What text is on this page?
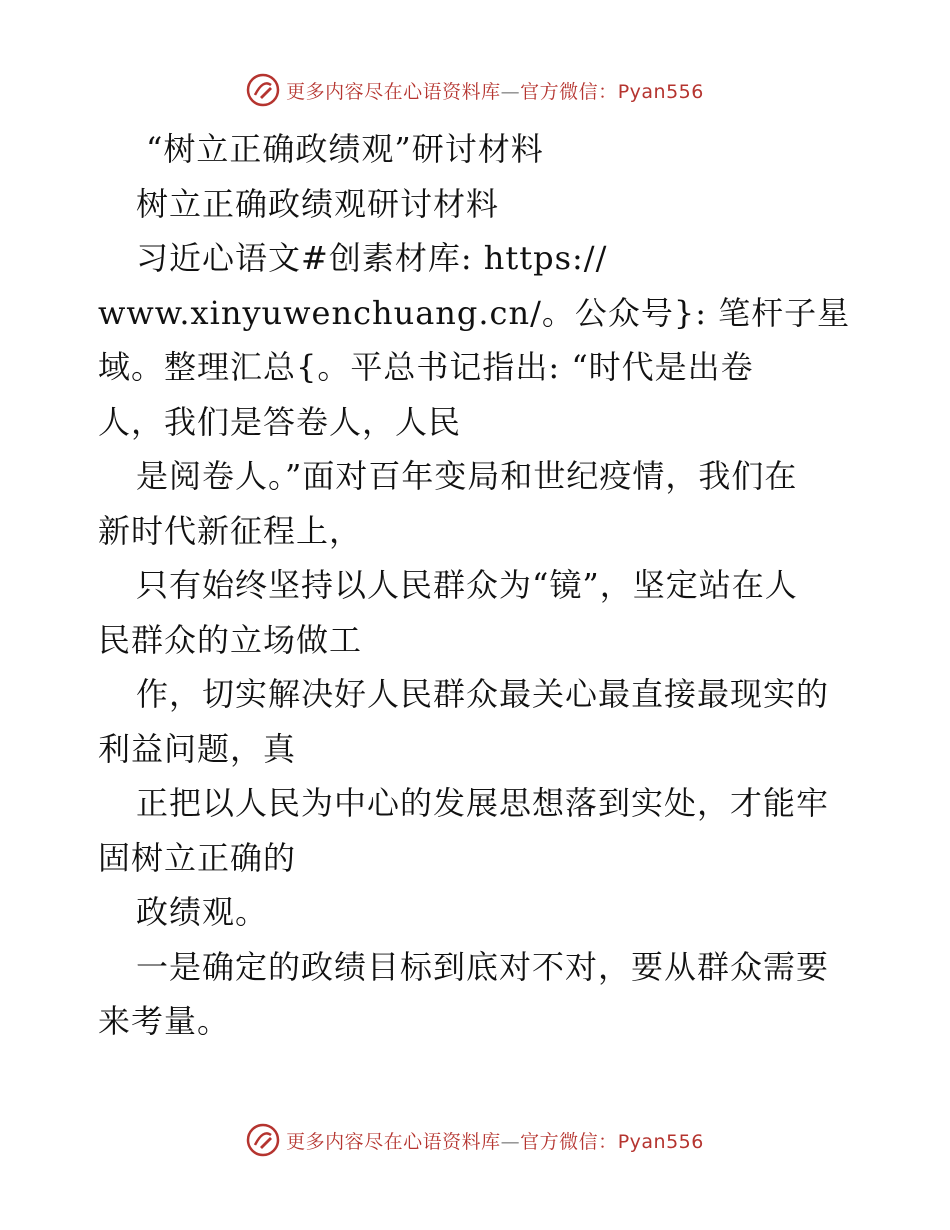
更多内容尽在心语资料库—官方微信：Pyan556
“树立正确政绩观”研讨材料
树立正确政绩观研讨材料
习近心语文#创素材库: https://
www.xinyuwenchuang.cn/。公众号}: 笔杆子星
域。整理汇总{。平总书记指出: “时代是出卷
人，我们是答卷人，人民
是阅卷人。”面对百年变局和世纪疫情，我们在
新时代新征程上，
只有始终坚持以人民群众为“镜”，坚定站在人
民群众的立场做工
作，切实解决好人民群众最关心最直接最现实的
利益问题，真
正把以人民为中心的发展思想落到实处，才能牢
固树立正确的
政绩观。
一是确定的政绩目标到底对不对，要从群众需要
来考量。
更多内容尽在心语资料库—官方微信：Pyan556
